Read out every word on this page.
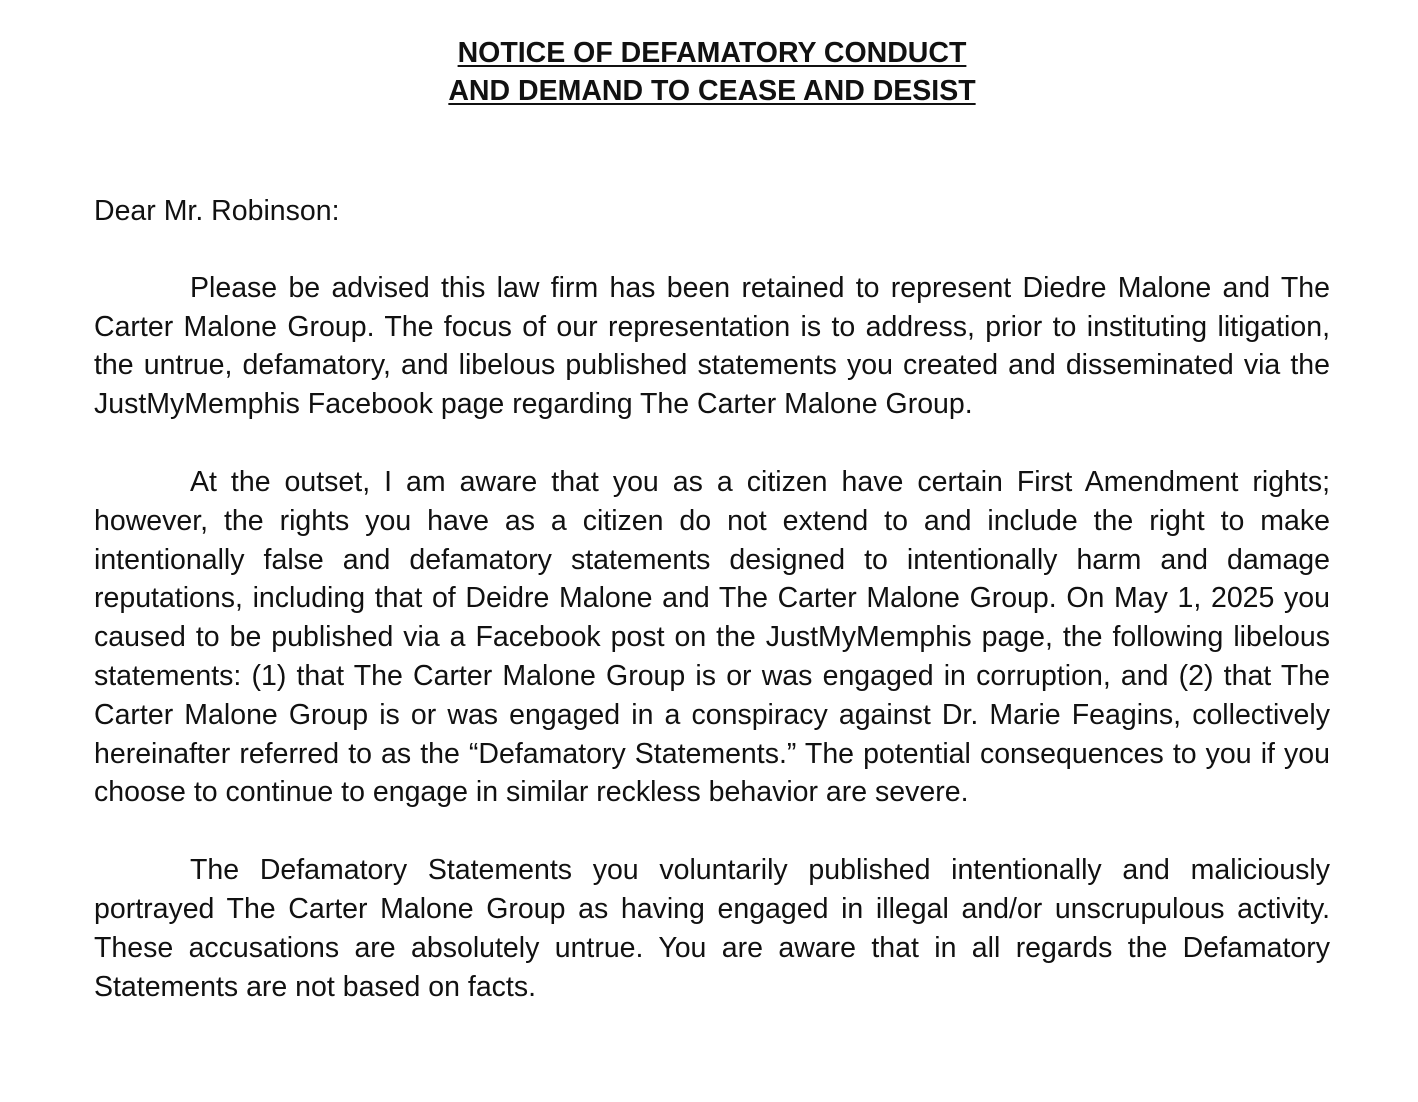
NOTICE OF DEFAMATORY CONDUCT
AND DEMAND TO CEASE AND DESIST

Dear Mr. Robinson:

Please be advised this law firm has been retained to represent Diedre Malone and The Carter Malone Group. The focus of our representation is to address, prior to instituting litigation, the untrue, defamatory, and libelous published statements you created and disseminated via the JustMyMemphis Facebook page regarding The Carter Malone Group.

At the outset, I am aware that you as a citizen have certain First Amendment rights; however, the rights you have as a citizen do not extend to and include the right to make intentionally false and defamatory statements designed to intentionally harm and damage reputations, including that of Deidre Malone and The Carter Malone Group. On May 1, 2025 you caused to be published via a Facebook post on the JustMyMemphis page, the following libelous statements: (1) that The Carter Malone Group is or was engaged in corruption, and (2) that The Carter Malone Group is or was engaged in a conspiracy against Dr. Marie Feagins, collectively hereinafter referred to as the “Defamatory Statements.” The potential consequences to you if you choose to continue to engage in similar reckless behavior are severe.

The Defamatory Statements you voluntarily published intentionally and maliciously portrayed The Carter Malone Group as having engaged in illegal and/or unscrupulous activity. These accusations are absolutely untrue. You are aware that in all regards the Defamatory Statements are not based on facts.
